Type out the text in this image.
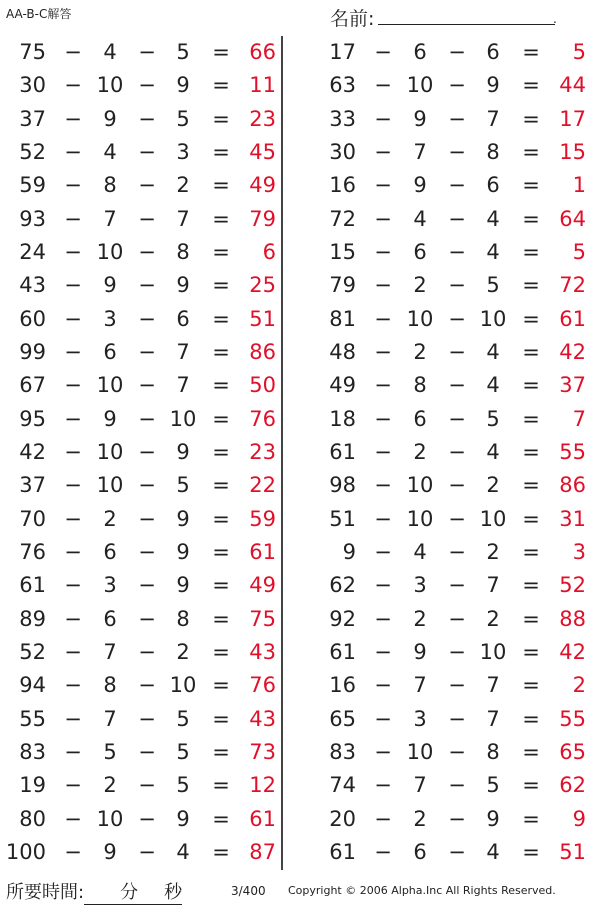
AA-B-C解答	名前:	.
75 −	4	− 5	= 66
30 − 10 − 9	= 11
37 −	9	− 5	= 23
52 −	4	− 3	= 45
59 −	8	− 2	= 49
93 −	7	− 7	= 79
24 − 10 − 8	=	6
43 −	9	− 9	= 25
60 −	3	− 6	= 51
99 −	6	− 7	= 86
67 − 10 − 7	= 50
95 −	9	− 10 = 76
42 − 10 − 9	= 23
37 − 10 − 5	= 22
70 −	2	− 9	= 59
76 −	6	− 9	= 61
61 −	3	− 9	= 49
89 −	6	− 8	= 75
52 −	7	− 2	= 43
94 −	8	− 10 = 76
55 −	7	− 5	= 43
83 −	5	− 5	= 73
19 −	2	− 5	= 12
80 − 10 − 9	= 61
100 −	9	− 4	= 87
17 −	6	− 6	=	5
63 − 10 − 9	= 44
33 −	9	− 7	= 17
30 −	7	− 8	= 15
16 −	9	− 6	=	1
72 −	4	− 4	= 64
15 −	6	− 4	=	5
79 −	2	− 5	= 72
81 − 10 − 10 = 61
48 −	2	− 4	= 42
49 −	8	− 4	= 37
18 −	6	− 5	=	7
61 −	2	− 4	= 55
98 − 10 − 2	= 86
51 − 10 − 10 = 31
9 −	4	− 2	=	3
62 −	3	− 7	= 52
92 −	2	− 2	= 88
61 −	9	− 10 = 42
16 −	7	− 7	=	2
65 −	3	− 7	= 55
83 − 10 − 8	= 65
74 −	7	− 5	= 62
20 −	2	− 9	=	9
61 −	6	− 4	= 51
所要時間: 分 秒	3/400 Copyright © 2006 Alpha.Inc All Rights Reserved.
